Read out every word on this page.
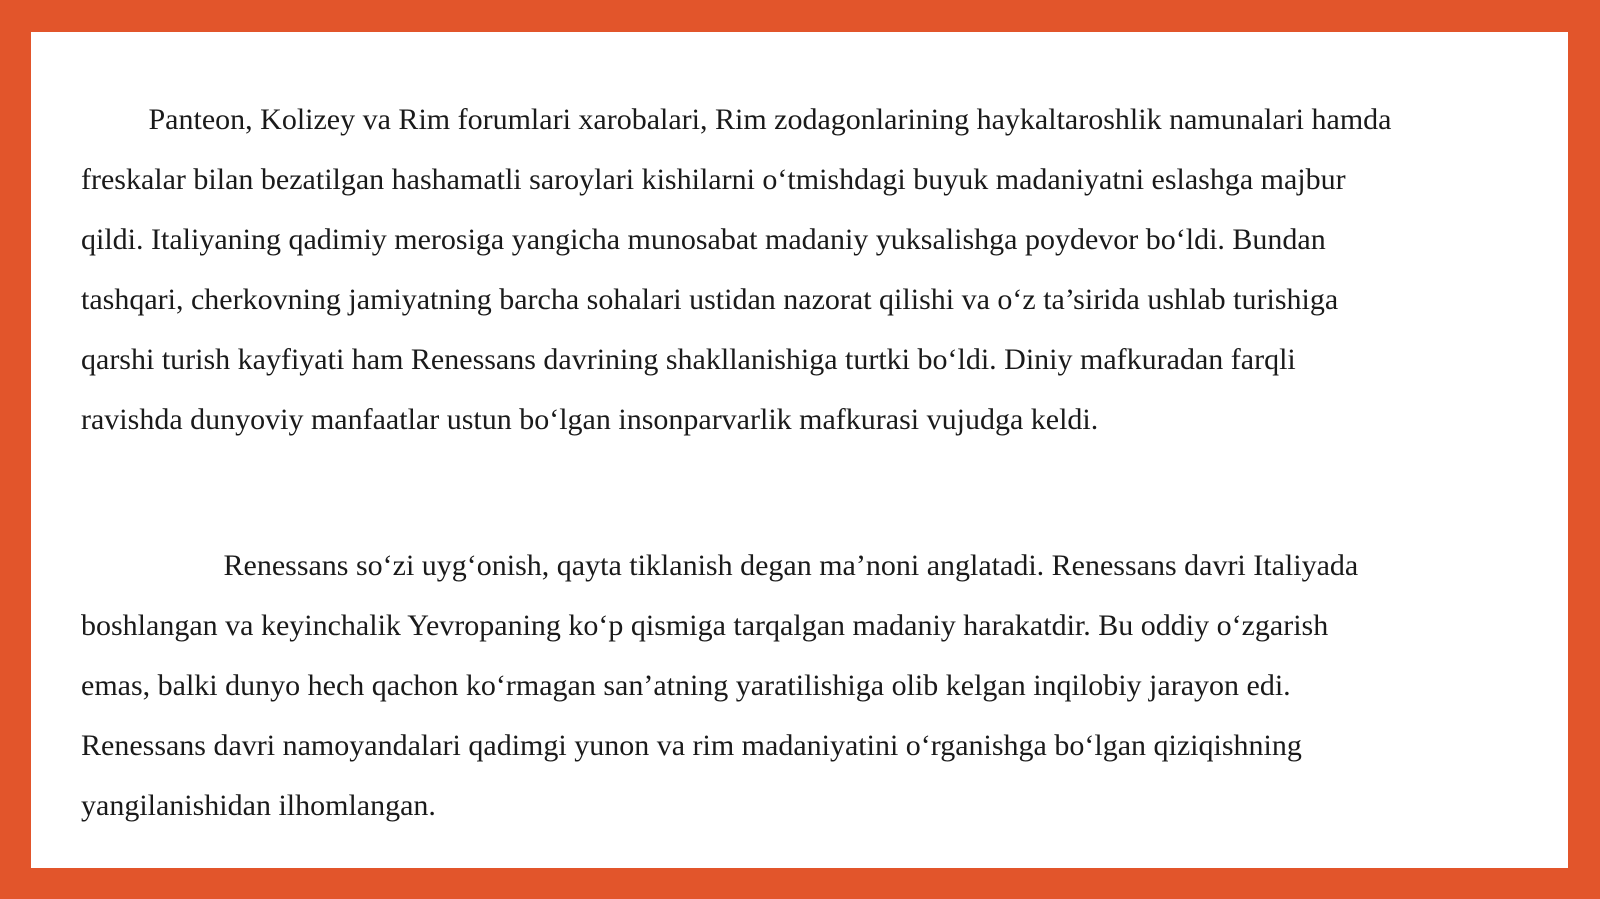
Panteon, Kolizey va Rim forumlari xarobalari, Rim zodagonlarining haykaltaroshlik namunalari hamda
freskalar bilan bezatilgan hashamatli saroylari kishilarni o‘tmishdagi buyuk madaniyatni eslashga majbur
qildi. Italiyaning qadimiy merosiga yangicha munosabat madaniy yuksalishga poydevor bo‘ldi. Bundan
tashqari, cherkovning jamiyatning barcha sohalari ustidan nazorat qilishi va o‘z ta’sirida ushlab turishiga
qarshi turish kayfiyati ham Renessans davrining shakllanishiga turtki bo‘ldi. Diniy mafkuradan farqli
ravishda dunyoviy manfaatlar ustun bo‘lgan insonparvarlik mafkurasi vujudga keldi.

Renessans so‘zi uyg‘onish, qayta tiklanish degan ma’noni anglatadi. Renessans davri Italiyada
boshlangan va keyinchalik Yevropaning ko‘p qismiga tarqalgan madaniy harakatdir. Bu oddiy o‘zgarish
emas, balki dunyo hech qachon ko‘rmagan san’atning yaratilishiga olib kelgan inqilobiy jarayon edi.
Renessans davri namoyandalari qadimgi yunon va rim madaniyatini o‘rganishga bo‘lgan qiziqishning
yangilanishidan ilhomlangan.
